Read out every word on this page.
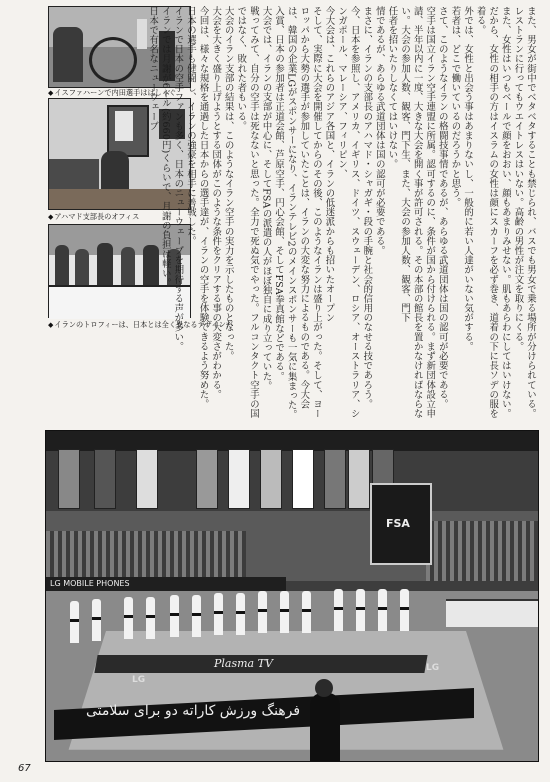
◆イスファハーンで内田選手ははしゃぐ
◆アハマド支部長のオフィス
◆イランのトロフィーは、日本とは全く異なるデザインだ	また、男女が街中でベタベタすることも禁じられ、バスでも男女で乗る場所が分けられている。

レストランに行ってもウエイトレスはいない。高齢の男性が注文を取りにくる。

また、女性はいつもベールで顔をおおい、顔もあまりみせない。肌もあらわにしてはいけない。だから、女性の相手の方はイスラムの女性は顔にスカーフを必ず巻き、道着の下に長ソデの服を着る。

外では、女性と出会う事はあまりないし、一般的に若い人達がいない気がする。

若者は、どこで働いているのだろうかと思う。

さて、このようなイランの格闘技事情であるが、あらゆる武道団体は国の認可が必要である。

空手は国立イラン空手連盟に所属。認可するのに、条件が国から付けられる。まず新団体設立申請、半年以内に一度、大きな大会を開く事が許可される。その本部の館長を置かなければならない。大会の参加人数、観客、門下生、また、大会の参加人数、観客、門下

任者を招いたりしなくてはいけない。

情であるが、あらゆる武道団体は国の認可が必要である。

まさに、イランの支部長のアハマド・シャガギ・段の手腕と社会的信用のなせる技であろう。

今、日本を参照し、アメリカ、イギリス、ドイツ、スウェーデン、ロシア、オーストラリア、シンガポール、マレーシア、フィリピン、

今大会は、これらのアジア各国と、イランの低迷派からも招いたオープン

そして、実際に大会を開催してからのその後、このようなイランは盛り上がった。そして、ヨーロッパから大勢の選手が参加していたことは、イランの大変な努力によるものである。今大会は、韓国の企業LGがスポンサーになり、イランテレビ2のメインスポンサーも一気に集まった。

入賞、日本の参加者は正道会館、芦原空手、円心会館、そしてFSA拳真館などである。

大会では、イランの支部が中心に、そしてFSAの派遣の人がほぼ独自に成り立っていた。

戦ってみて、自分の空手は死なないと思った。全力で死ぬ気でやった。フルコンタクト空手の国ではなく、敗れた者もいる。

大会のイラン支部の結果は、このようなイラン空手の実力を示したものとなった。

大会を大きく盛り上げようとする団体がこのような条件をクリアする事の大変さがわかる。

今回は、様々な規格を通過した日本からの選手達が、イランの空手を体験できるよう努めた。

日本の選手も健闘し、イランの強豪を相手に善戦した。

イランで日本の空手ファンも多く、日本のニューウェーブを期待する声が多い。

イランでは月謝が6ドル(約660円)くらいで、月謝の負担は軽い。

日本で有名なニューウェーブ

FSA
LG MOBILE PHONES
Plasma TV
LG
LG
فرهنگ ورزش کاراته دو برای سلامتی
67
